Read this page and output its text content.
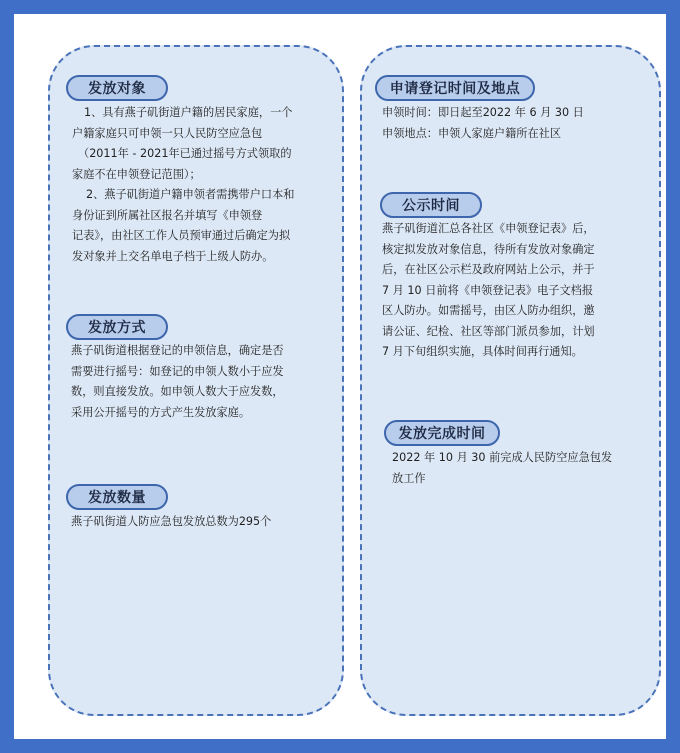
发放对象
1、具有燕子矶街道户籍的居民家庭，一个
户籍家庭只可申领一只人民防空应急包
（2011年 - 2021年已通过摇号方式领取的
家庭不在申领登记范围）；
2、燕子矶街道户籍申领者需携带户口本和
身份证到所属社区报名并填写《申领登
记表》，由社区工作人员预审通过后确定为拟
发对象并上交名单电子档于上级人防办。
发放方式
燕子矶街道根据登记的申领信息，确定是否
需要进行摇号：如登记的申领人数小于应发
数，则直接发放。如申领人数大于应发数，
采用公开摇号的方式产生发放家庭。
发放数量
燕子矶街道人防应急包发放总数为295个
申请登记时间及地点
申领时间：即日起至2022 年 6 月 30 日
申领地点：申领人家庭户籍所在社区
公示时间
燕子矶街道汇总各社区《申领登记表》后，
核定拟发放对象信息，待所有发放对象确定
后，在社区公示栏及政府网站上公示，并于
7 月 10 日前将《申领登记表》电子文档报
区人防办。如需摇号，由区人防办组织，邀
请公证、纪检、社区等部门派员参加，计划
7 月下旬组织实施，具体时间再行通知。
发放完成时间
2022 年 10 月 30 前完成人民防空应急包发
放工作
